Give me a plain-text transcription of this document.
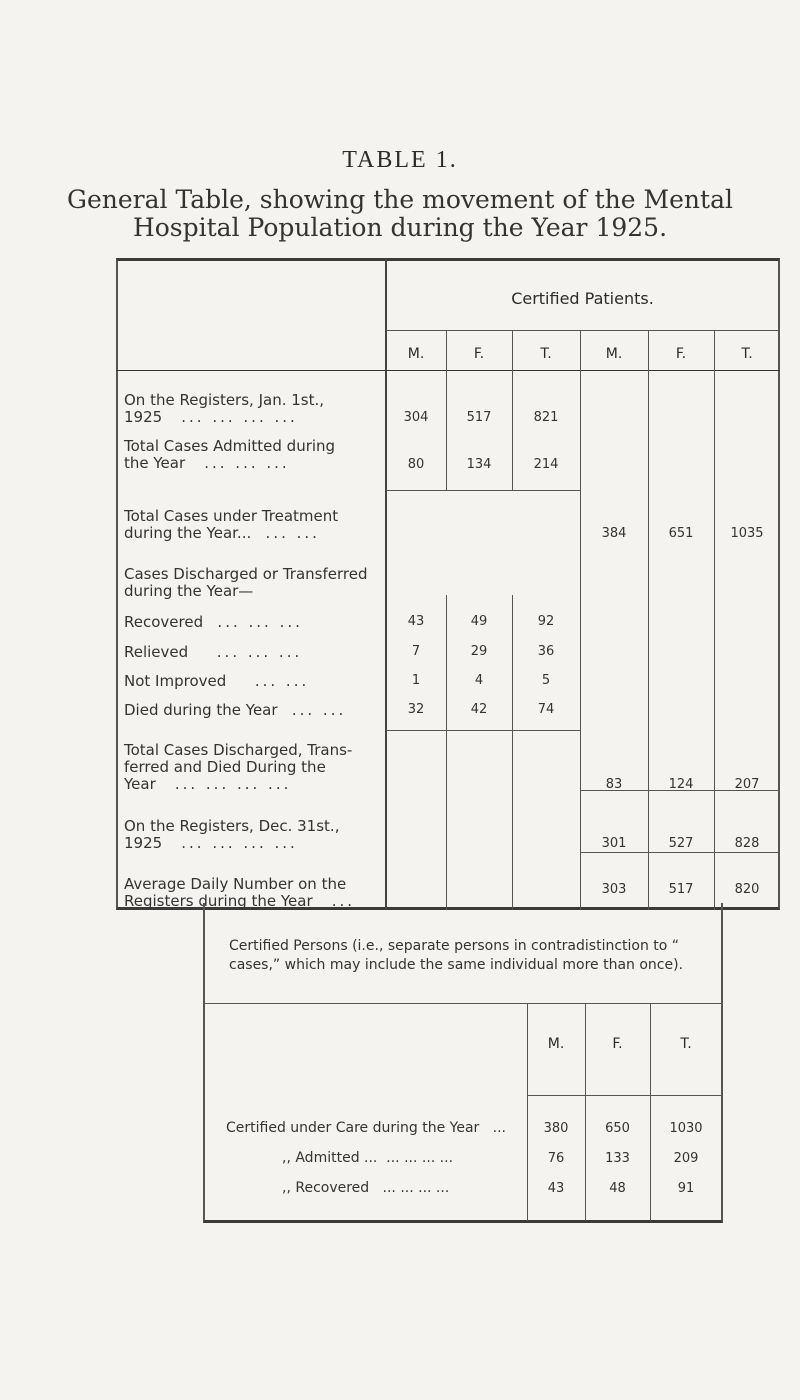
TABLE 1.
General Table, showing the movement of the Mental Hospital Population during the Year 1925.
Certified Patients.
M.	F.	T.	M.	F.	T.
On the Registers, Jan. 1st.,
1925 ... ... ... ...	304	517	821
Total Cases Admitted during
the Year ... ... ...	80	134	214
Total Cases under Treatment
during the Year... ... ...	384	651	1035
Cases Discharged or Transferred
during the Year—
Recovered ... ... ...	43	49	92
Relieved ... ... ...	7	29	36
Not Improved ... ...	1	4	5
Died during the Year ... ...	32	42	74
Total Cases Discharged, Trans-
ferred and Died During the
Year ... ... ... ...	83	124	207
On the Registers, Dec. 31st.,
1925 ... ... ... ...	301	527	828
Average Daily Number on the
Registers during the Year ...
303	517	820
Certified Persons (i.e., separate persons in contradistinction to “ cases,” which may include the same individual more than once).
M.	F.	T.
Certified under Care during the Year ...	380	650	1030
,, Admitted ... ... ... ... ...	76	133	209
,, Recovered ... ... ... ...	43	48	91
